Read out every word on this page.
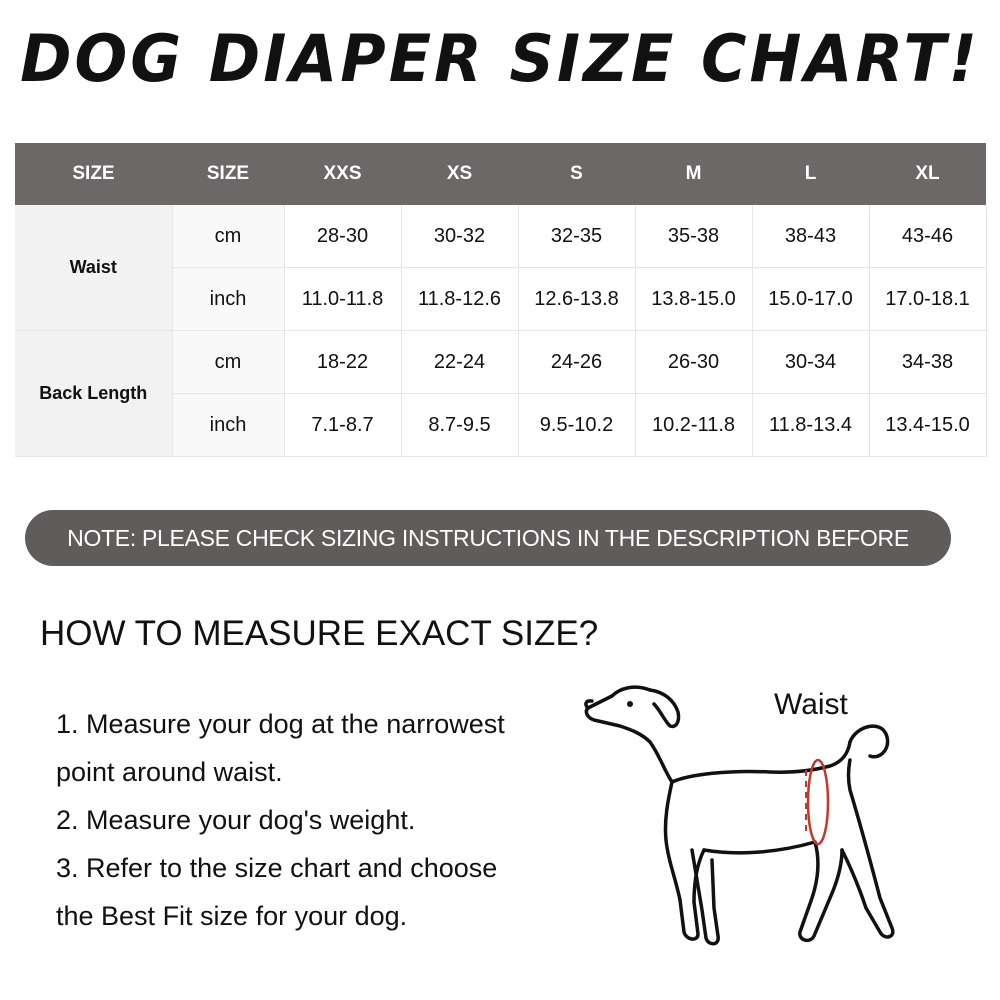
DOG DIAPER SIZE CHART!
SIZE	SIZE	XXS	XS	S	M	L	XL
Waist	cm	28-30	30-32	32-35	35-38	38-43	43-46
	inch	11.0-11.8	11.8-12.6	12.6-13.8	13.8-15.0	15.0-17.0	17.0-18.1
Back Length	cm	18-22	22-24	24-26	26-30	30-34	34-38
	inch	7.1-8.7	8.7-9.5	9.5-10.2	10.2-11.8	11.8-13.4	13.4-15.0
NOTE: PLEASE CHECK SIZING INSTRUCTIONS IN THE DESCRIPTION BEFORE ORDER
HOW TO MEASURE EXACT SIZE?
1. Measure your dog at the narrowest
point around waist.
2. Measure your dog's weight.
3. Refer to the size chart and choose
the Best Fit size for your dog.
Waist
